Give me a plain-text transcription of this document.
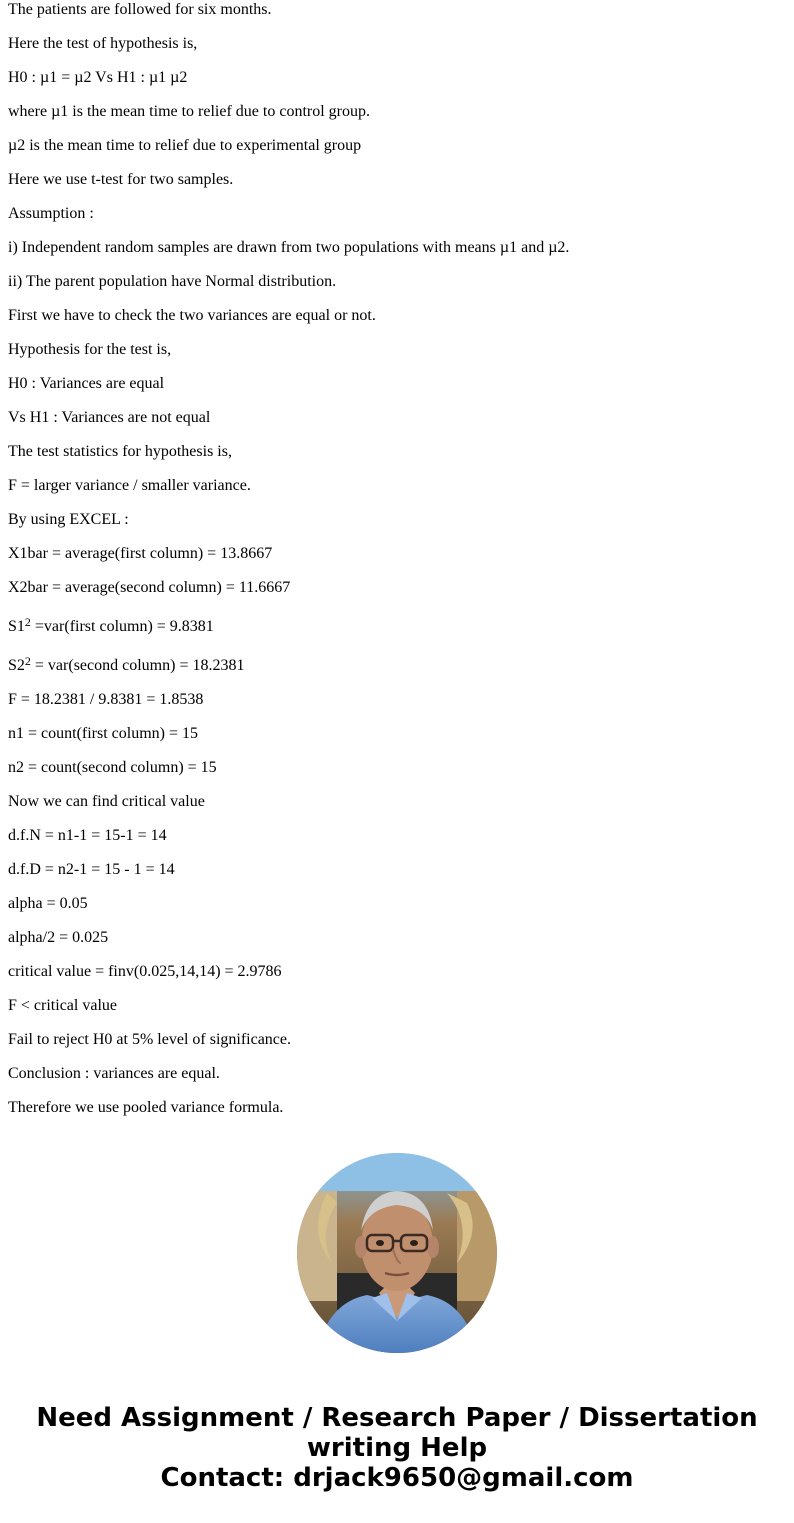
The patients are followed for six months.

Here the test of hypothesis is,

H0 : µ1 = µ2 Vs H1 : µ1 µ2

where µ1 is the mean time to relief due to control group.

µ2 is the mean time to relief due to experimental group

Here we use t-test for two samples.

Assumption :

i) Independent random samples are drawn from two populations with means µ1 and µ2.

ii) The parent population have Normal distribution.

First we have to check the two variances are equal or not.

Hypothesis for the test is,

H0 : Variances are equal

Vs H1 : Variances are not equal

The test statistics for hypothesis is,

F = larger variance / smaller variance.

By using EXCEL :

X1bar = average(first column) = 13.8667

X2bar = average(second column) = 11.6667

$S1^2$ =var(first column) = 9.8381

$S2^2$ = var(second column) = 18.2381

F = 18.2381 / 9.8381 = 1.8538

n1 = count(first column) = 15

n2 = count(second column) = 15

Now we can find critical value

d.f.N = n1-1 = 15-1 = 14

d.f.D = n2-1 = 15 - 1 = 14

alpha = 0.05

alpha/2 = 0.025

critical value = finv(0.025,14,14) = 2.9786

F < critical value

Fail to reject H0 at 5% level of significance.

Conclusion : variances are equal.

Therefore we use pooled variance formula.

Need Assignment / Research Paper / Dissertation
writing Help
Contact: drjack9650@gmail.com
